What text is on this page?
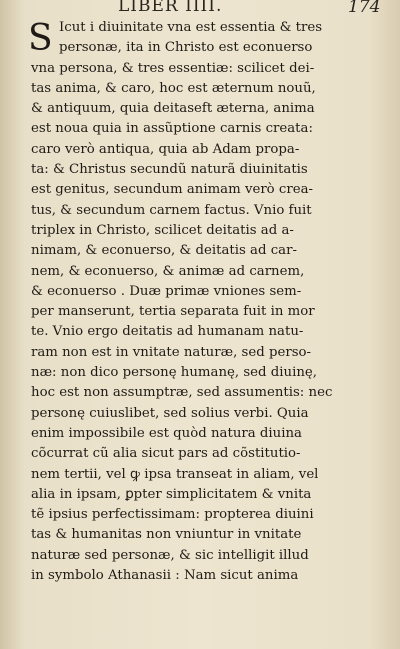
LIBER IIII.	174
S Icut i diuinitate vna est essentia & tres
personæ, ita in Christo est econuerso
vna persona, & tres essentiæ: scilicet dei-
tas anima, & caro, hoc est æternum nouũ,
& antiquum, quia deitaseft æterna, anima
est noua quia in assũptione carnis creata:
caro verò antiqua, quia ab Adam propa-
ta: & Christus secundũ naturã diuinitatis
est genitus, secundum animam verò crea-
tus, & secundum carnem factus. Vnio fuit
triplex in Christo, scilicet deitatis ad a-
nimam, & econuerso, & deitatis ad car-
nem, & econuerso, & animæ ad carnem,
& econuerso . Duæ primæ vniones sem-
per manserunt, tertia separata fuit in mor
te. Vnio ergo deitatis ad humanam natu-
ram non est in vnitate naturæ, sed perso-
næ: non dico personę humanę, sed diuinę,
hoc est non assumptræ, sed assumentis: nec
personę cuiuslibet, sed solius verbi. Quia
enim impossibile est quòd natura diuina
cõcurrat cũ alia sicut pars ad cõstitutio-
nem tertii, vel ꝙ ipsa transeat in aliam, vel
alia in ipsam, ꝑpter simplicitatem & vnita
tẽ ipsius perfectissimam: propterea diuini
tas & humanitas non vniuntur in vnitate
naturæ sed personæ, & sic intelligit illud
in symbolo Athanasii : Nam sicut anima
